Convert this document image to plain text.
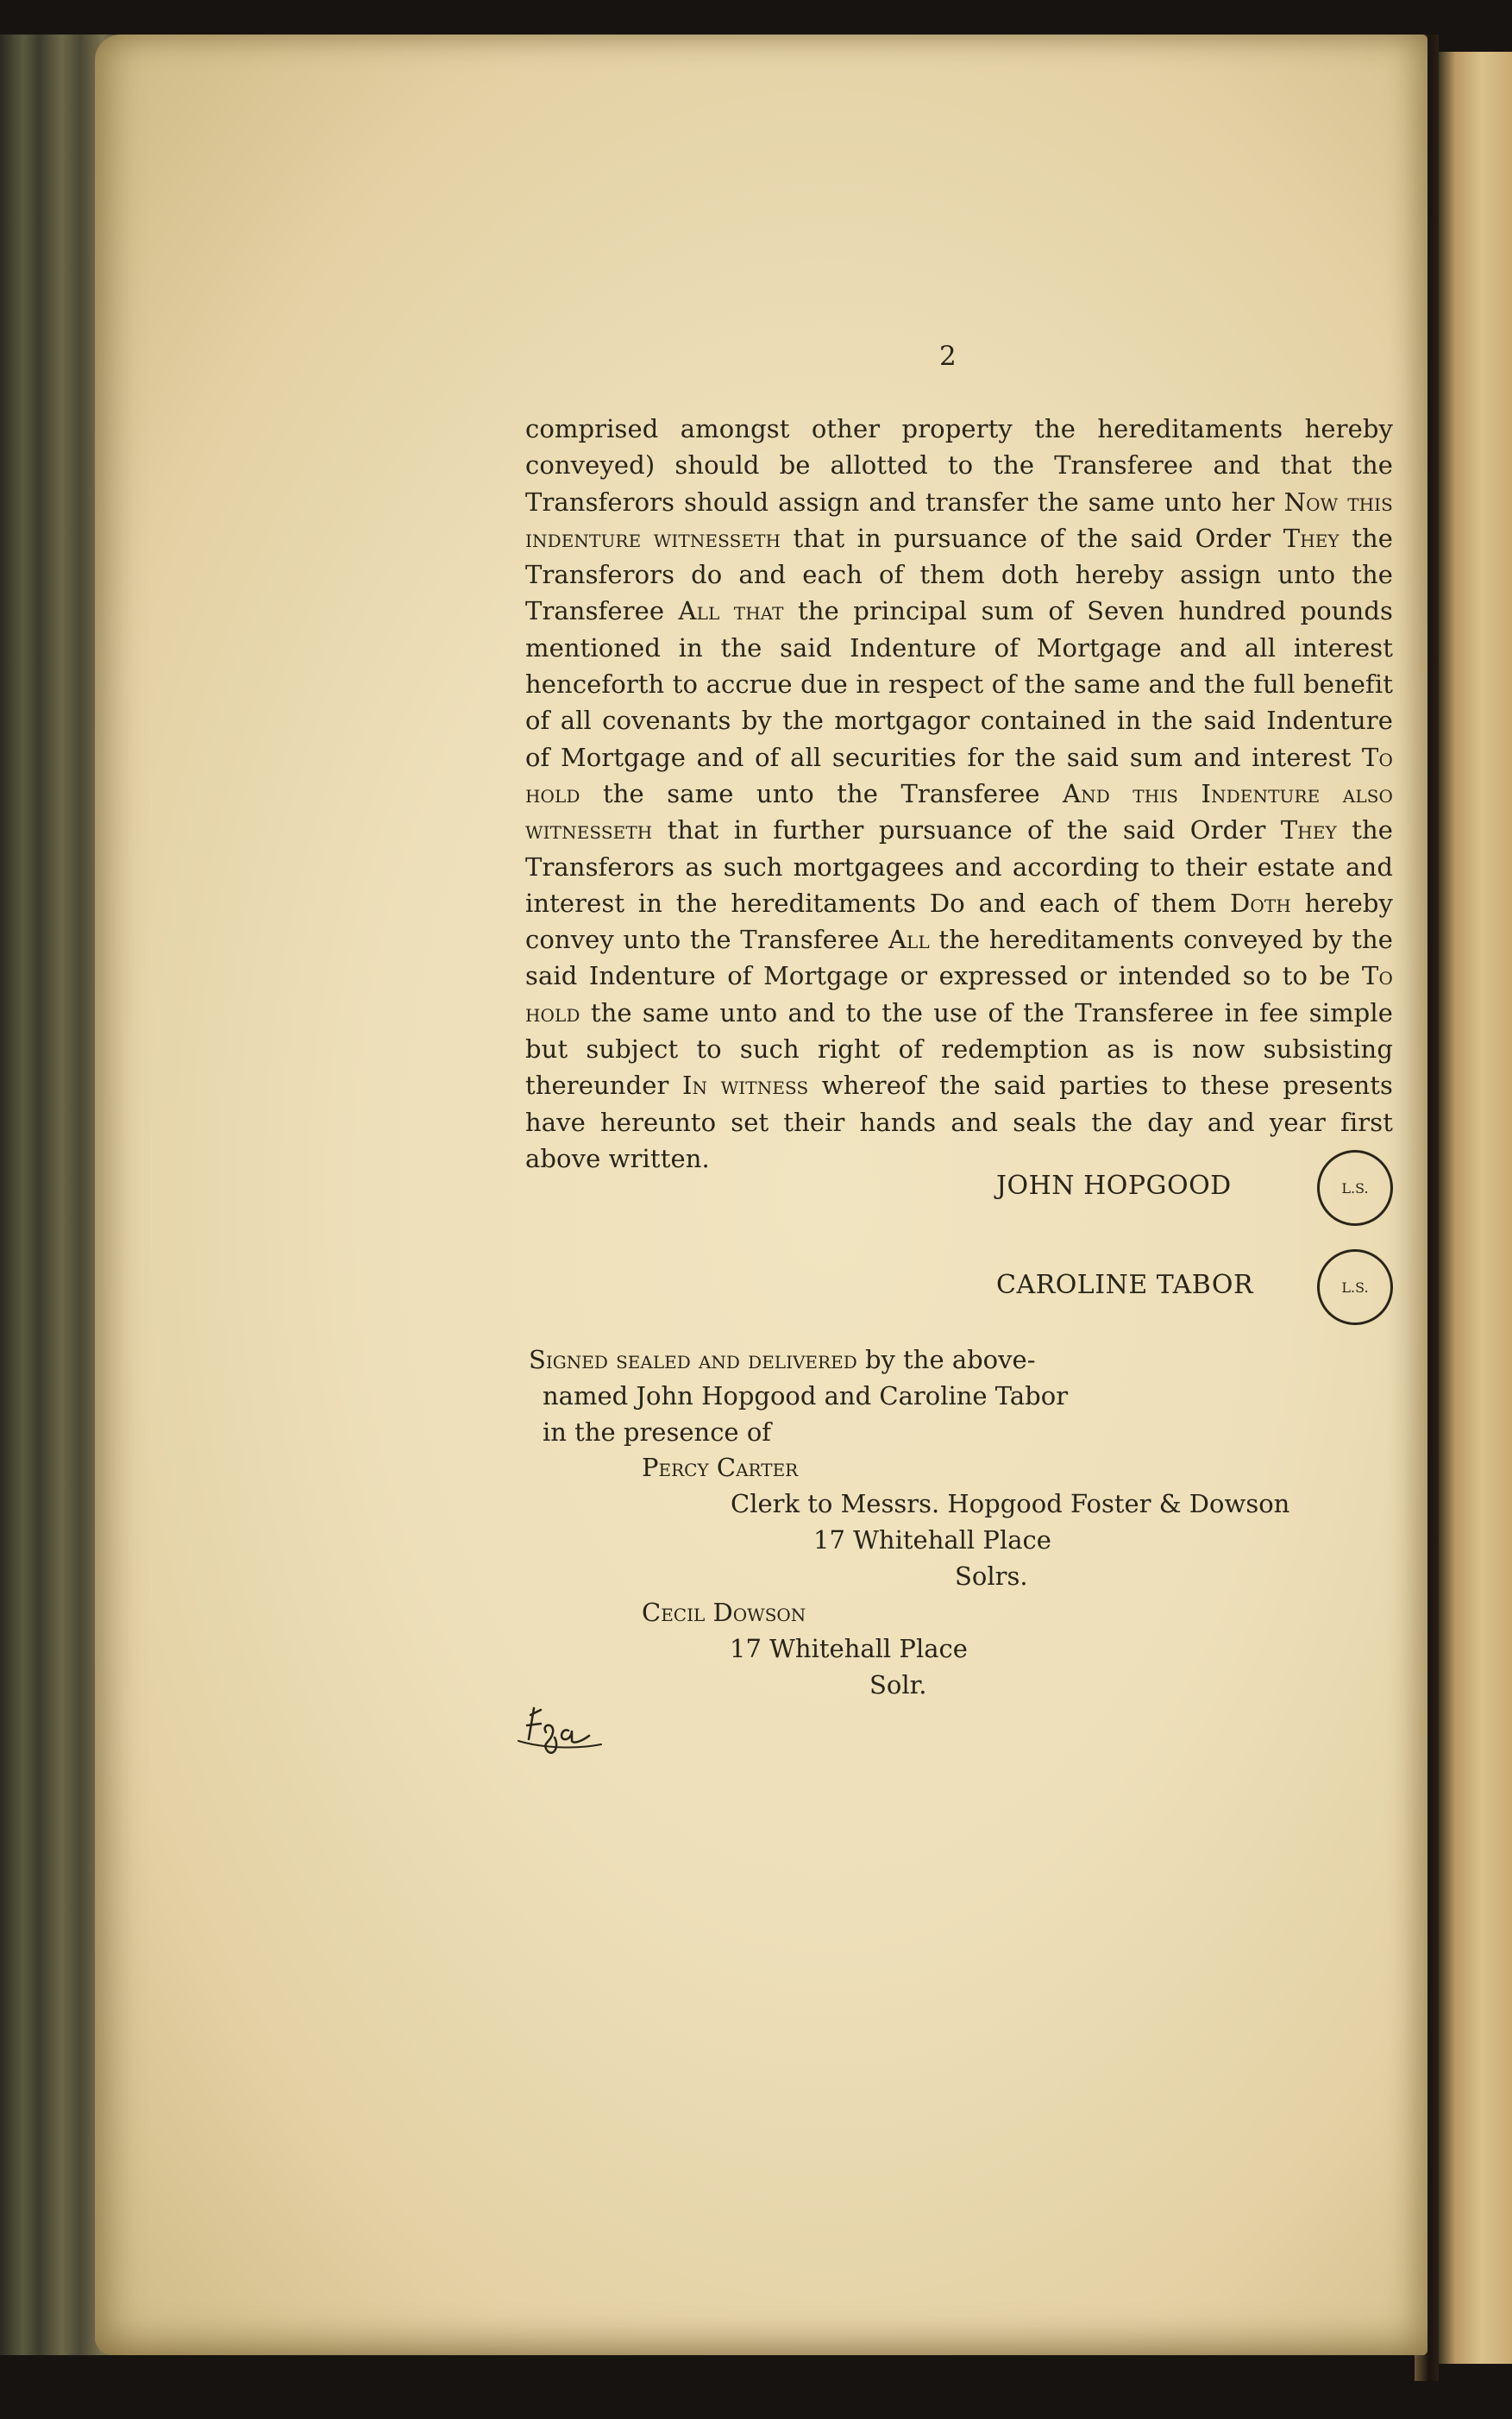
2

comprised amongst other property the hereditaments hereby conveyed) should be allotted to the Transferee and that the Transferors should assign and transfer the same unto her Now this indenture witnesseth that in pursuance of the said Order They the Transferors do and each of them doth hereby assign unto the Transferee All that the principal sum of Seven hundred pounds mentioned in the said Indenture of Mortgage and all interest henceforth to accrue due in respect of the same and the full benefit of all covenants by the mortgagor contained in the said Indenture of Mortgage and of all securities for the said sum and interest To hold the same unto the Transferee And this Indenture also witnesseth that in further pursuance of the said Order They the Transferors as such mortgagees and according to their estate and interest in the hereditaments Do and each of them Doth hereby convey unto the Transferee All the hereditaments conveyed by the said Indenture of Mortgage or expressed or intended so to be To hold the same unto and to the use of the Transferee in fee simple but subject to such right of redemption as is now subsisting thereunder In witness whereof the said parties to these presents have hereunto set their hands and seals the day and year first above written.

JOHN HOPGOOD	L.S.
CAROLINE TABOR	L.S.

Signed sealed and delivered by the above-

named John Hopgood and Caroline Tabor

in the presence of

Percy Carter

Clerk to Messrs. Hopgood Foster & Dowson

17 Whitehall Place

Solrs.

Cecil Dowson

17 Whitehall Place

Solr.
